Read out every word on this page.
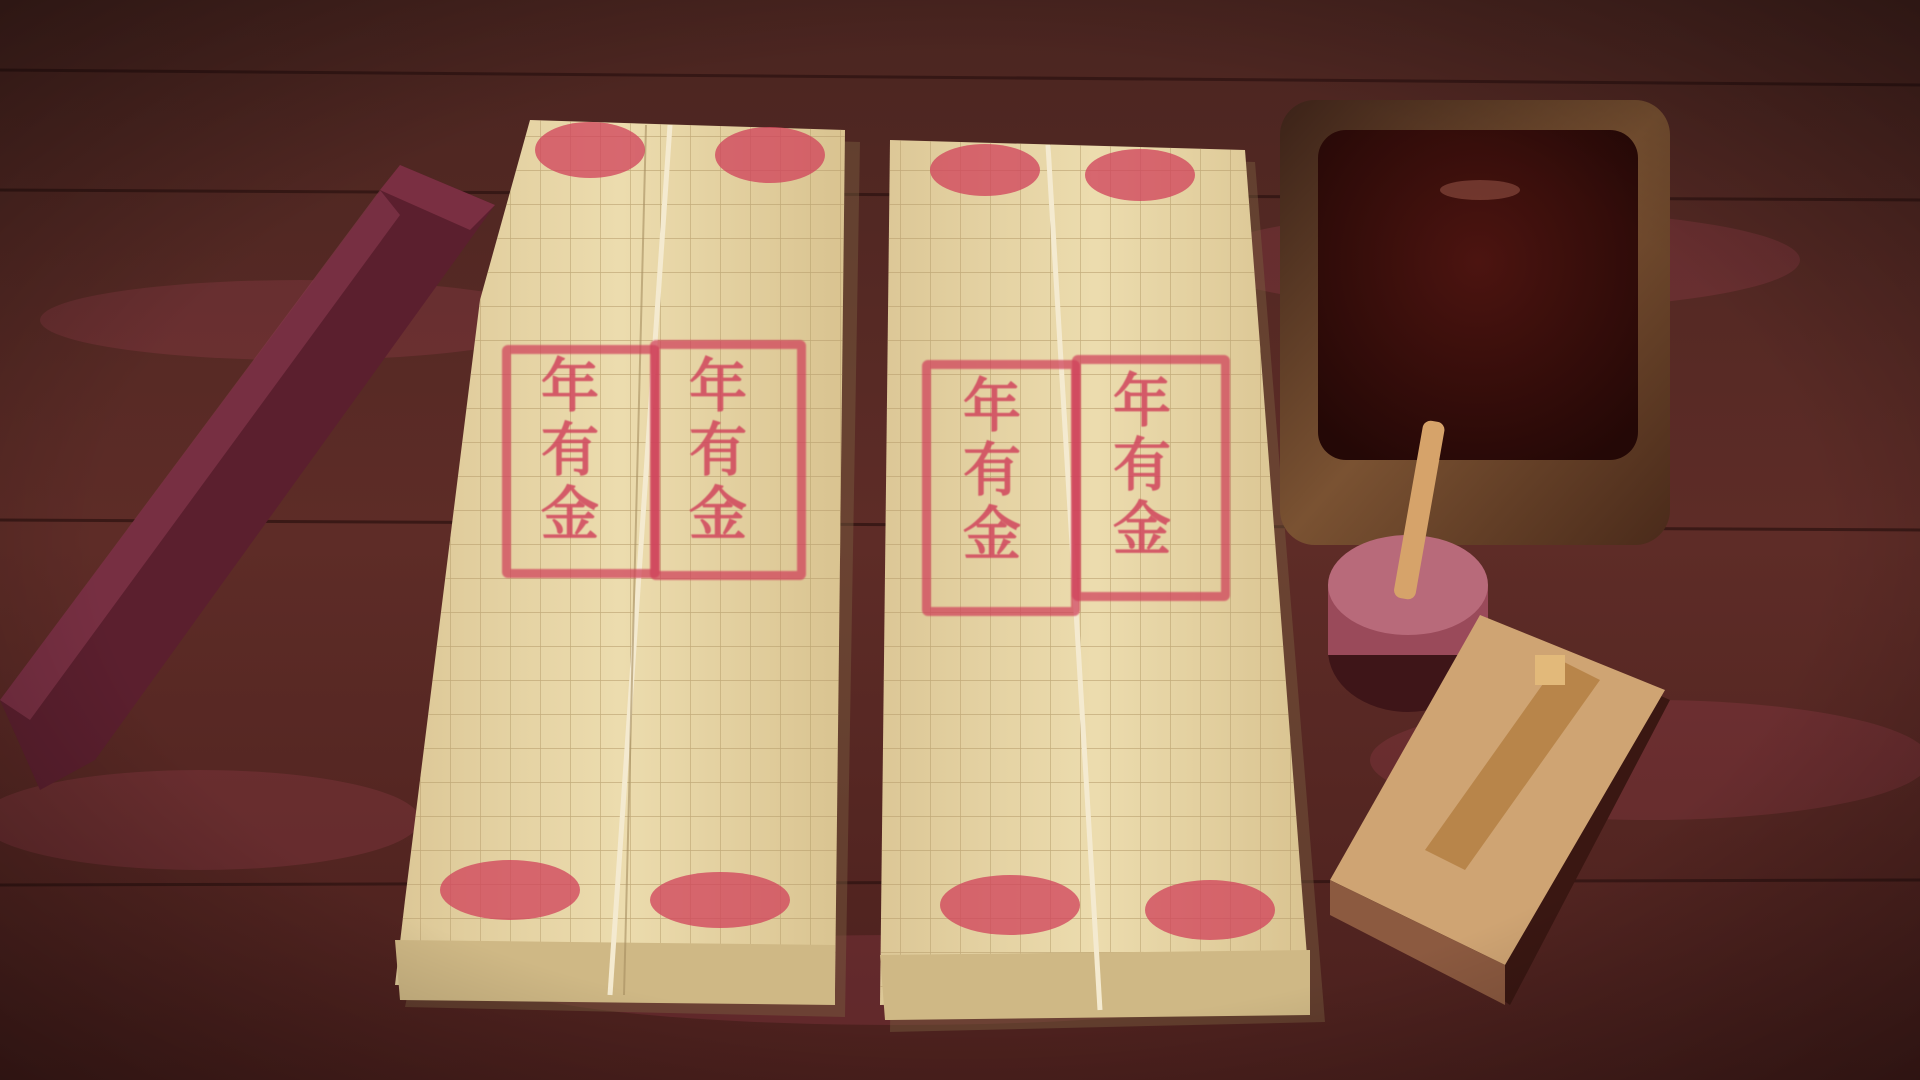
年有金 年有金	年有金 年有金
